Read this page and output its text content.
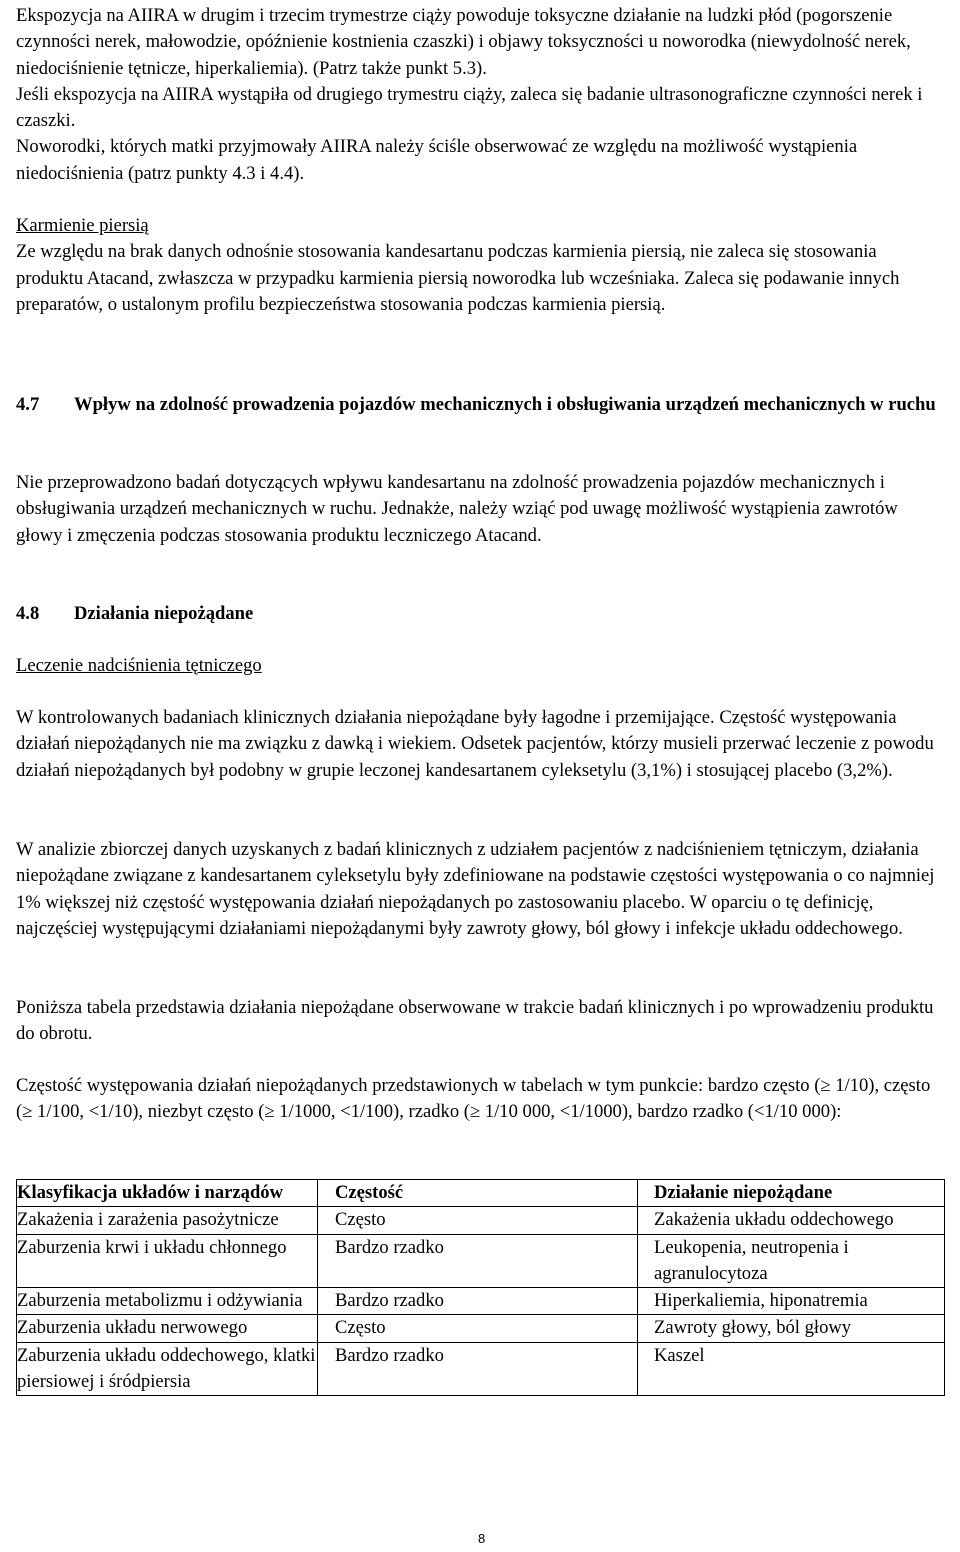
Ekspozycja na AIIRA w drugim i trzecim trymestrze ciąży powoduje toksyczne działanie na ludzki płód (pogorszenie czynności nerek, małowodzie, opóźnienie kostnienia czaszki) i objawy toksyczności u noworodka (niewydolność nerek, niedociśnienie tętnicze, hiperkaliemia). (Patrz także punkt 5.3).

Jeśli ekspozycja na AIIRA wystąpiła od drugiego trymestru ciąży, zaleca się badanie ultrasonograficzne czynności nerek i czaszki.

Noworodki, których matki przyjmowały AIIRA należy ściśle obserwować ze względu na możliwość wystąpienia niedociśnienia (patrz punkty 4.3 i 4.4).

Karmienie piersią

Ze względu na brak danych odnośnie stosowania kandesartanu podczas karmienia piersią, nie zaleca się stosowania produktu Atacand, zwłaszcza w przypadku karmienia piersią noworodka lub wcześniaka. Zaleca się podawanie innych preparatów, o ustalonym profilu bezpieczeństwa stosowania podczas karmienia piersią.

4.7 Wpływ na zdolność prowadzenia pojazdów mechanicznych i obsługiwania urządzeń mechanicznych w ruchu

Nie przeprowadzono badań dotyczących wpływu kandesartanu na zdolność prowadzenia pojazdów mechanicznych i obsługiwania urządzeń mechanicznych w ruchu. Jednakże, należy wziąć pod uwagę możliwość wystąpienia zawrotów głowy i zmęczenia podczas stosowania produktu leczniczego Atacand.

4.8 Działania niepożądane

Leczenie nadciśnienia tętniczego

W kontrolowanych badaniach klinicznych działania niepożądane były łagodne i przemijające. Częstość występowania działań niepożądanych nie ma związku z dawką i wiekiem. Odsetek pacjentów, którzy musieli przerwać leczenie z powodu działań niepożądanych był podobny w grupie leczonej kandesartanem cyleksetylu (3,1%) i stosującej placebo (3,2%).

W analizie zbiorczej danych uzyskanych z badań klinicznych z udziałem pacjentów z nadciśnieniem tętniczym, działania niepożądane związane z kandesartanem cyleksetylu były zdefiniowane na podstawie częstości występowania o co najmniej 1% większej niż częstość występowania działań niepożądanych po zastosowaniu placebo. W oparciu o tę definicję, najczęściej występującymi działaniami niepożądanymi były zawroty głowy, ból głowy i infekcje układu oddechowego.

Poniższa tabela przedstawia działania niepożądane obserwowane w trakcie badań klinicznych i po wprowadzeniu produktu do obrotu.

Częstość występowania działań niepożądanych przedstawionych w tabelach w tym punkcie: bardzo często (≥ 1/10), często (≥ 1/100, <1/10), niezbyt często (≥ 1/1000, <1/100), rzadko (≥ 1/10 000, <1/1000), bardzo rzadko (<1/10 000):

Klasyfikacja układów i narządów	Częstość	Działanie niepożądane
Zakażenia i zarażenia pasożytnicze	Często	Zakażenia układu oddechowego
Zaburzenia krwi i układu chłonnego	Bardzo rzadko	Leukopenia, neutropenia i agranulocytoza
Zaburzenia metabolizmu i odżywiania	Bardzo rzadko	Hiperkaliemia, hiponatremia
Zaburzenia układu nerwowego	Często	Zawroty głowy, ból głowy
Zaburzenia układu oddechowego, klatki piersiowej i śródpiersia	Bardzo rzadko	Kaszel
8
